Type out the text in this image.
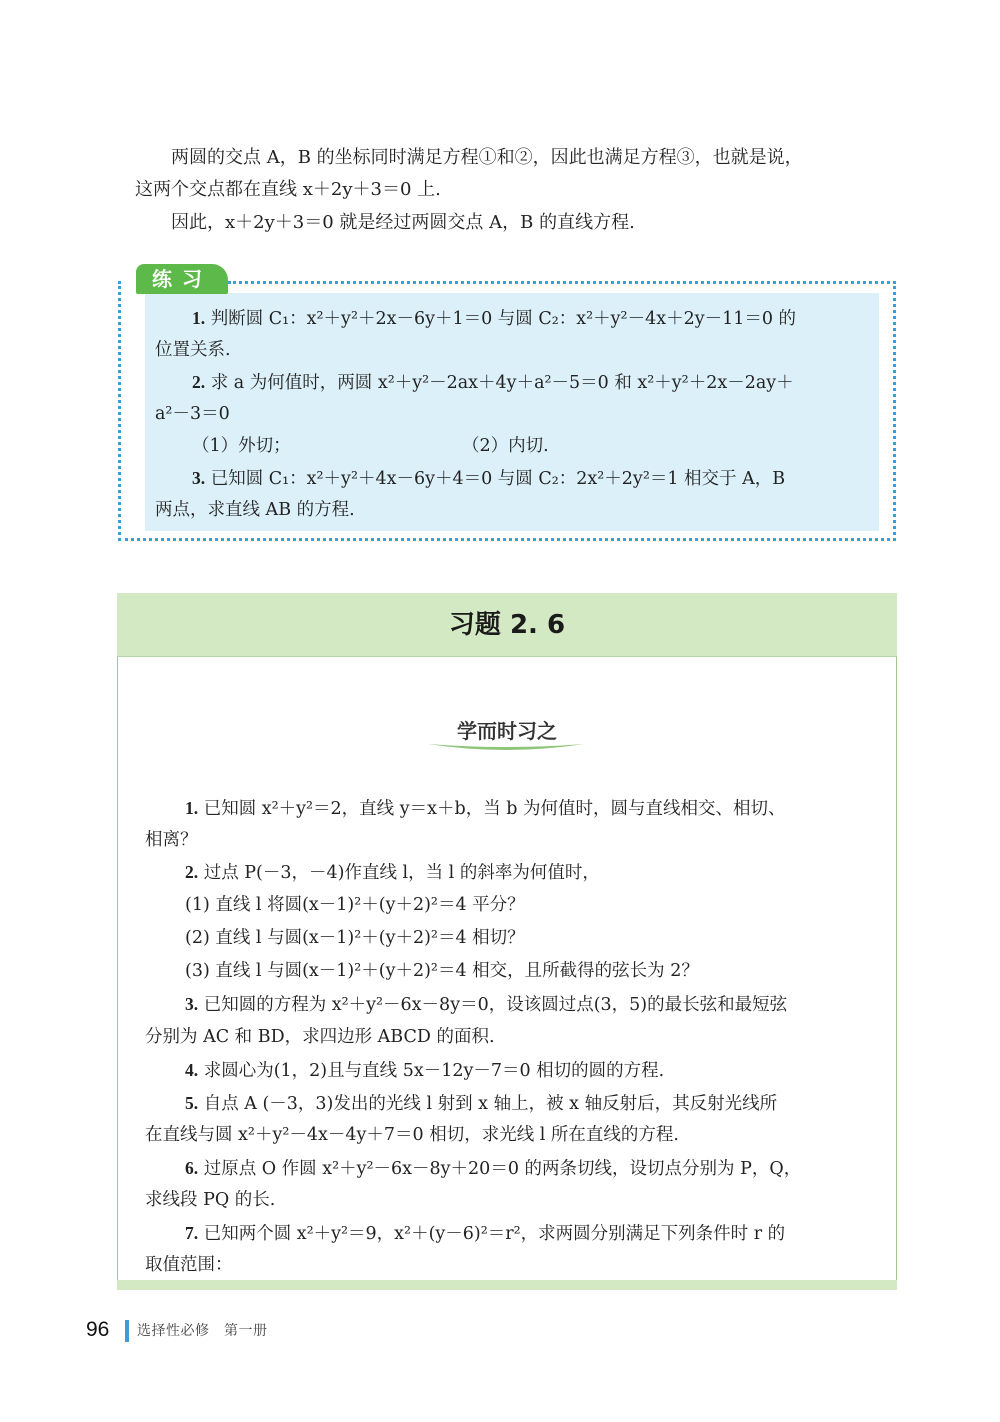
　　两圆的交点 A，B 的坐标同时满足方程①和②，因此也满足方程③，也就是说，
这两个交点都在直线 x＋2y＋3＝0 上.
　　因此，x＋2y＋3＝0 就是经过两圆交点 A，B 的直线方程.
练习
1. 判断圆 C₁：x²＋y²＋2x－6y＋1＝0 与圆 C₂：x²＋y²－4x＋2y－11＝0 的
位置关系.
2. 求 a 为何值时，两圆 x²＋y²－2ax＋4y＋a²－5＝0 和 x²＋y²＋2x－2ay＋
a²－3＝0
（1）外切；	（2）内切.
3. 已知圆 C₁：x²＋y²＋4x－6y＋4＝0 与圆 C₂：2x²＋2y²＝1 相交于 A，B
两点，求直线 AB 的方程.
习题 2. 6
学而时习之
1. 已知圆 x²＋y²＝2，直线 y＝x＋b，当 b 为何值时，圆与直线相交、相切、
相离？
2. 过点 P(－3，－4)作直线 l，当 l 的斜率为何值时，
(1) 直线 l 将圆(x－1)²＋(y＋2)²＝4 平分？
(2) 直线 l 与圆(x－1)²＋(y＋2)²＝4 相切？
(3) 直线 l 与圆(x－1)²＋(y＋2)²＝4 相交，且所截得的弦长为 2？
3. 已知圆的方程为 x²＋y²－6x－8y＝0，设该圆过点(3，5)的最长弦和最短弦
分别为 AC 和 BD，求四边形 ABCD 的面积.
4. 求圆心为(1，2)且与直线 5x－12y－7＝0 相切的圆的方程.
5. 自点 A (－3，3)发出的光线 l 射到 x 轴上，被 x 轴反射后，其反射光线所
在直线与圆 x²＋y²－4x－4y＋7＝0 相切，求光线 l 所在直线的方程.
6. 过原点 O 作圆 x²＋y²－6x－8y＋20＝0 的两条切线，设切点分别为 P，Q，
求线段 PQ 的长.
7. 已知两个圆 x²＋y²＝9，x²＋(y－6)²＝r²，求两圆分别满足下列条件时 r 的
取值范围：
96 选择性必修　第一册
